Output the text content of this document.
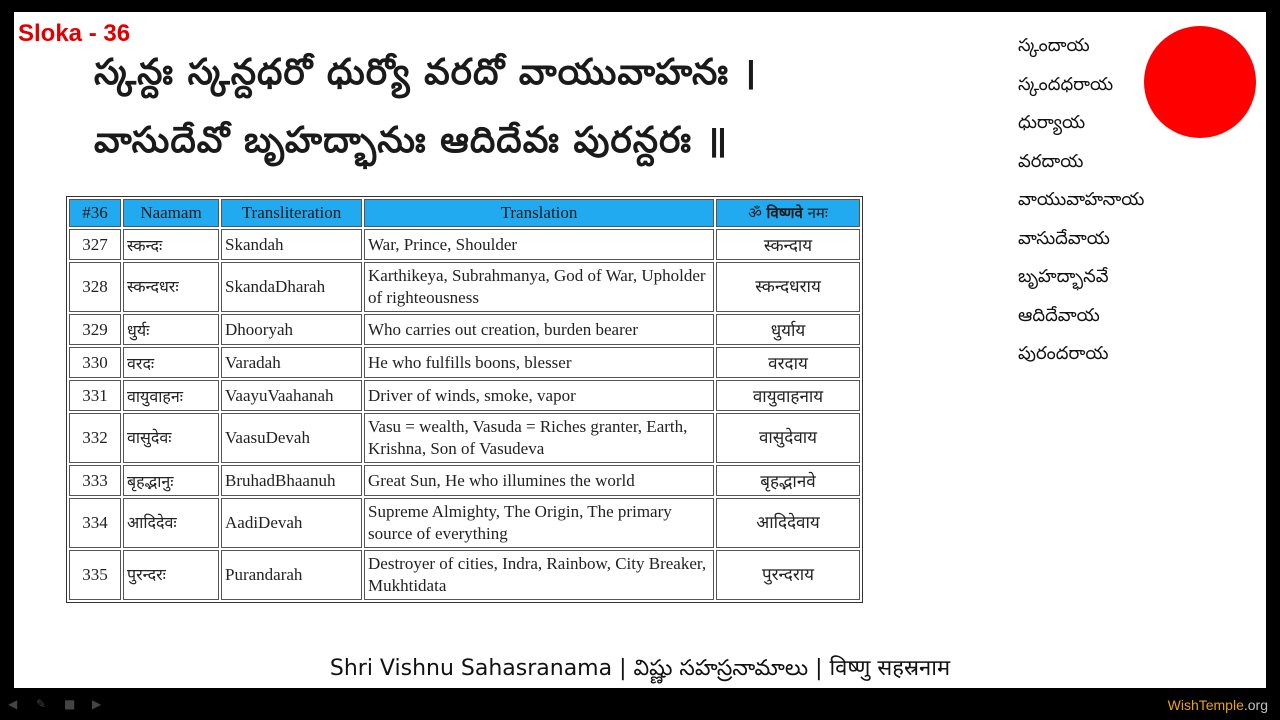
Sloka - 36
స్కన్దః స్కన్దధరో ధుర్యో వరదో వాయువాహనః ।
వాసుదేవో బృహద్భానుః ఆదిదేవః పురన్దరః ॥
#36	Naamam	Transliteration	Translation	ॐ विष्णवे नमः
327	स्कन्दः	Skandah	War, Prince, Shoulder	स्कन्दाय
328	स्कन्दधरः	SkandaDharah	Karthikeya, Subrahmanya, God of War, Upholder of righteousness	स्कन्दधराय
329	धुर्यः	Dhooryah	Who carries out creation, burden bearer	धुर्याय
330	वरदः	Varadah	He who fulfills boons, blesser	वरदाय
331	वायुवाहनः	VaayuVaahanah	Driver of winds, smoke, vapor	वायुवाहनाय
332	वासुदेवः	VaasuDevah	Vasu = wealth, Vasuda = Riches granter, Earth, Krishna, Son of Vasudeva	वासुदेवाय
333	बृहद्भानुः	BruhadBhaanuh	Great Sun, He who illumines the world	बृहद्भानवे
334	आदिदेवः	AadiDevah	Supreme Almighty, The Origin, The primary source of everything	आदिदेवाय
335	पुरन्दरः	Purandarah	Destroyer of cities, Indra, Rainbow, City Breaker, Mukhtidata	पुरन्दराय
స్కందాయ
స్కందధరాయ
ధుర్యాయ
వరదాయ
వాయువాహనాయ
వాసుదేవాయ
బృహద్భానవే
ఆదిదేవాయ
పురందరాయ
Shri Vishnu Sahasranama | విష్ణు సహస్రనామాలు | विष्णु सहस्रनाम
◀	✎	■ ▶	WishTemple.org
